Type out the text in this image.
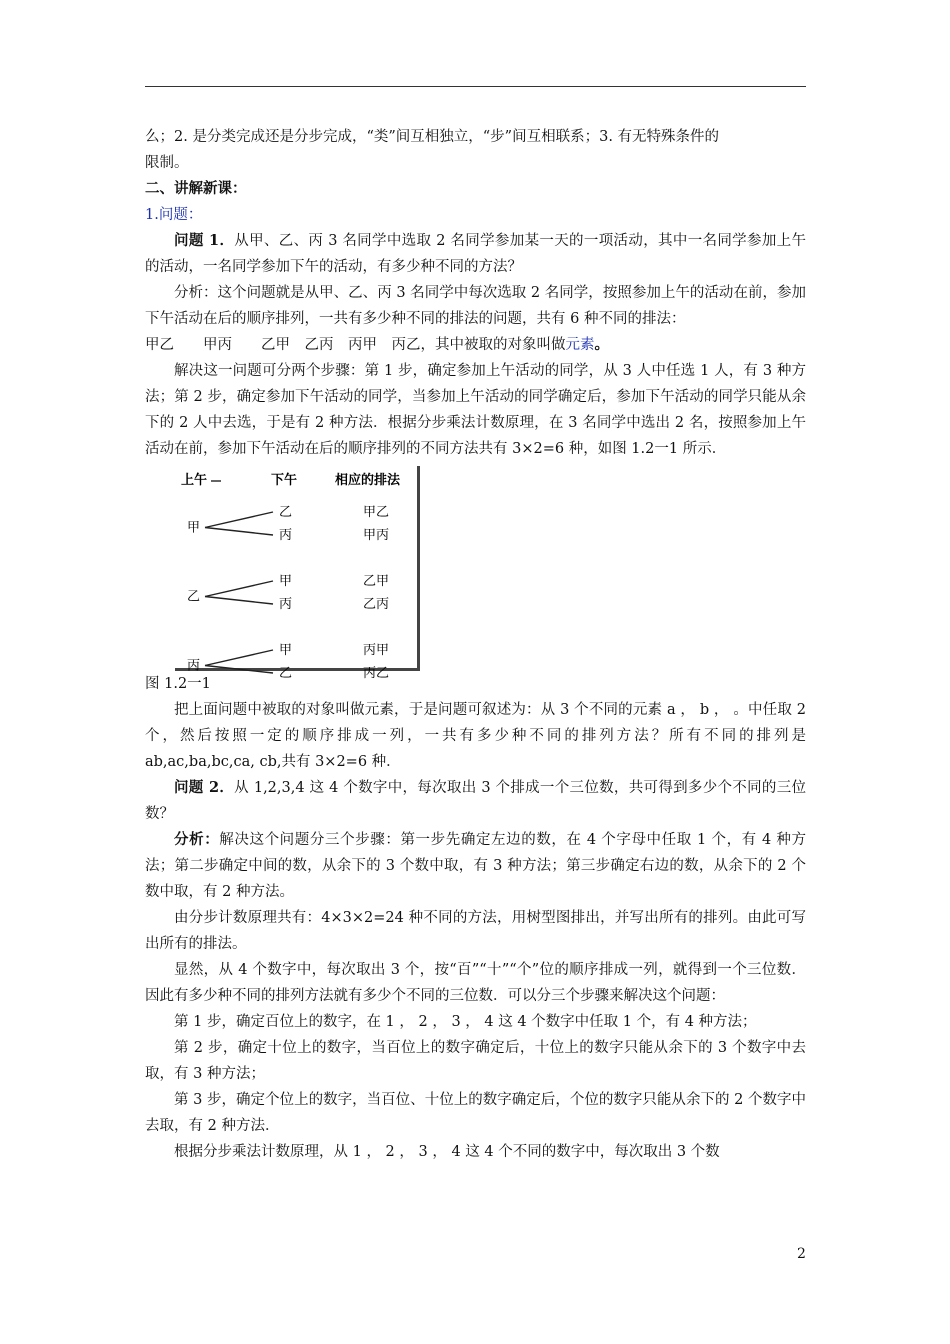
么；2. 是分类完成还是分步完成，“类”间互相独立，“步”间互相联系；3. 有无特殊条件的

限制。

二、讲解新课：

1.问题：

问题 1．从甲、乙、丙 3 名同学中选取 2 名同学参加某一天的一项活动，其中一名同学参加上午的活动，一名同学参加下午的活动，有多少种不同的方法？

分析：这个问题就是从甲、乙、丙 3 名同学中每次选取 2 名同学，按照参加上午的活动在前，参加下午活动在后的顺序排列，一共有多少种不同的排法的问题，共有 6 种不同的排法：

甲乙　　甲丙　　乙甲　乙丙　丙甲　丙乙，其中被取的对象叫做元素。

解决这一问题可分两个步骤：第 1 步，确定参加上午活动的同学，从 3 人中任选 1 人，有 3 种方法；第 2 步，确定参加下午活动的同学，当参加上午活动的同学确定后，参加下午活动的同学只能从余下的 2 人中去选，于是有 2 种方法．根据分步乘法计数原理，在 3 名同学中选出 2 名，按照参加上午活动在前，参加下午活动在后的顺序排列的不同方法共有 3×2=6 种，如图 1.2一1 所示．

上午	下午	相应的排法
甲
乙
丙
甲乙
甲丙
乙
甲
丙
乙甲
乙丙
丙
甲
乙
丙甲
丙乙

图 1.2一1

把上面问题中被取的对象叫做元素，于是问题可叙述为：从 3 个不同的元素 a ， b ， 。中任取 2 个，然后按照一定的顺序排成一列，一共有多少种不同的排列方法？所有不同的排列是 ab,ac,ba,bc,ca, cb,共有 3×2=6 种．

问题 2．从 1,2,3,4 这 4 个数字中，每次取出 3 个排成一个三位数，共可得到多少个不同的三位数？

分析：解决这个问题分三个步骤：第一步先确定左边的数，在 4 个字母中任取 1 个，有 4 种方法；第二步确定中间的数，从余下的 3 个数中取，有 3 种方法；第三步确定右边的数，从余下的 2 个数中取，有 2 种方法。

由分步计数原理共有：4×3×2=24 种不同的方法，用树型图排出，并写出所有的排列。由此可写出所有的排法。

显然，从 4 个数字中，每次取出 3 个，按“百”“十”“个”位的顺序排成一列，就得到一个三位数．因此有多少种不同的排列方法就有多少个不同的三位数．可以分三个步骤来解决这个问题：

第 1 步，确定百位上的数字，在 1 ， 2 ， 3 ， 4 这 4 个数字中任取 1 个，有 4 种方法；

第 2 步，确定十位上的数字，当百位上的数字确定后，十位上的数字只能从余下的 3 个数字中去取，有 3 种方法；

第 3 步，确定个位上的数字，当百位、十位上的数字确定后，个位的数字只能从余下的 2 个数字中去取，有 2 种方法．

根据分步乘法计数原理，从 1 ， 2 ， 3 ， 4 这 4 个不同的数字中，每次取出 3 个数

2
